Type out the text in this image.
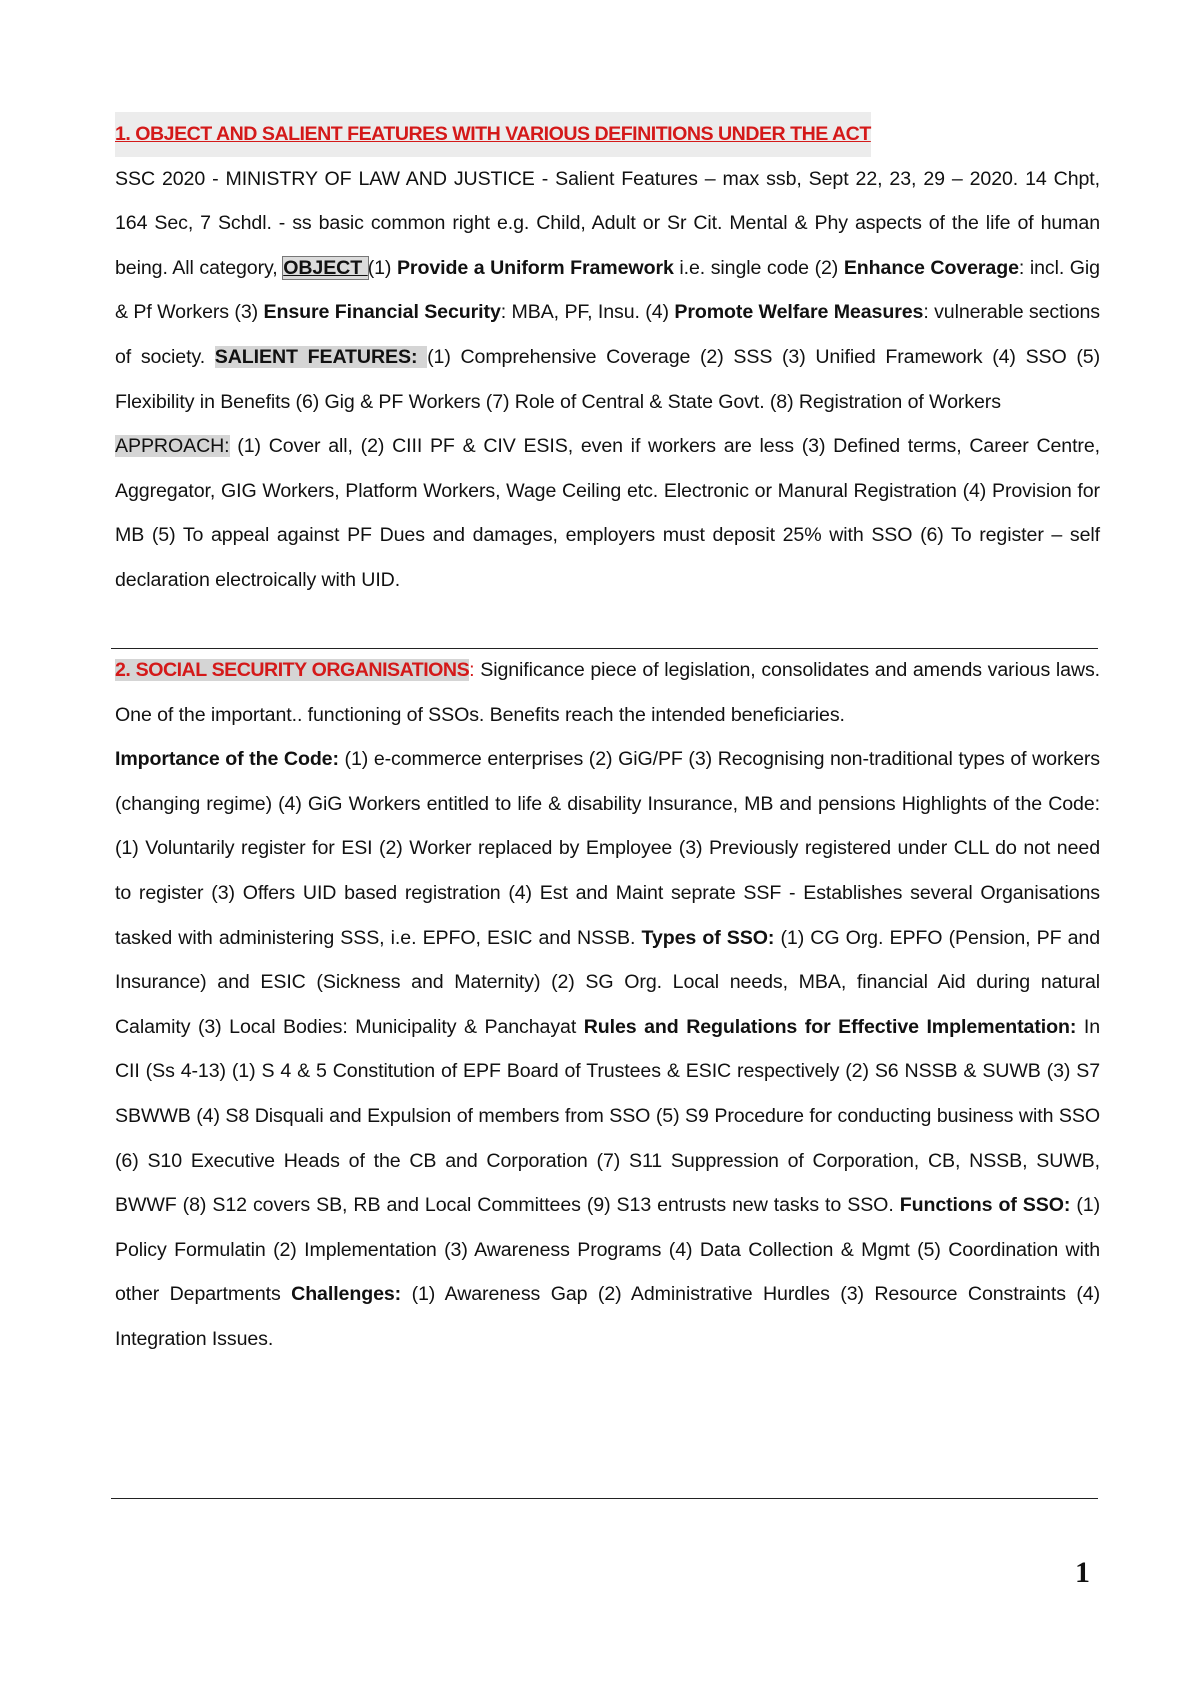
1. OBJECT AND SALIENT FEATURES WITH VARIOUS DEFINITIONS UNDER THE ACT

SSC 2020 - MINISTRY OF LAW AND JUSTICE - Salient Features – max ssb, Sept 22, 23, 29 – 2020. 14 Chpt, 164 Sec, 7 Schdl. - ss basic common right e.g. Child, Adult or Sr Cit. Mental & Phy aspects of the life of human being. All category, OBJECT (1) Provide a Uniform Framework i.e. single code (2) Enhance Coverage: incl. Gig & Pf Workers (3) Ensure Financial Security: MBA, PF, Insu. (4) Promote Welfare Measures: vulnerable sections of society. SALIENT FEATURES: (1) Comprehensive Coverage (2) SSS (3) Unified Framework (4) SSO (5) Flexibility in Benefits (6) Gig & PF Workers (7) Role of Central & State Govt. (8) Registration of Workers

APPROACH: (1) Cover all, (2) CIII PF & CIV ESIS, even if workers are less (3) Defined terms, Career Centre, Aggregator, GIG Workers, Platform Workers, Wage Ceiling etc. Electronic or Manural Registration (4) Provision for MB (5) To appeal against PF Dues and damages, employers must deposit 25% with SSO (6) To register – self declaration electroically with UID.

2. SOCIAL SECURITY ORGANISATIONS: Significance piece of legislation, consolidates and amends various laws. One of the important.. functioning of SSOs. Benefits reach the intended beneficiaries.

Importance of the Code: (1) e-commerce enterprises (2) GiG/PF (3) Recognising non-traditional types of workers (changing regime) (4) GiG Workers entitled to life & disability Insurance, MB and pensions Highlights of the Code: (1) Voluntarily register for ESI (2) Worker replaced by Employee (3) Previously registered under CLL do not need to register (3) Offers UID based registration (4) Est and Maint seprate SSF - Establishes several Organisations tasked with administering SSS, i.e. EPFO, ESIC and NSSB. Types of SSO: (1) CG Org. EPFO (Pension, PF and Insurance) and ESIC (Sickness and Maternity) (2) SG Org. Local needs, MBA, financial Aid during natural Calamity (3) Local Bodies: Municipality & Panchayat Rules and Regulations for Effective Implementation: In CII (Ss 4-13) (1) S 4 & 5 Constitution of EPF Board of Trustees & ESIC respectively (2) S6 NSSB & SUWB (3) S7 SBWWB (4) S8 Disquali and Expulsion of members from SSO (5) S9 Procedure for conducting business with SSO (6) S10 Executive Heads of the CB and Corporation (7) S11 Suppression of Corporation, CB, NSSB, SUWB, BWWF (8) S12 covers SB, RB and Local Committees (9) S13 entrusts new tasks to SSO. Functions of SSO: (1) Policy Formulatin (2) Implementation (3) Awareness Programs (4) Data Collection & Mgmt (5) Coordination with other Departments Challenges: (1) Awareness Gap (2) Administrative Hurdles (3) Resource Constraints (4) Integration Issues.

1
